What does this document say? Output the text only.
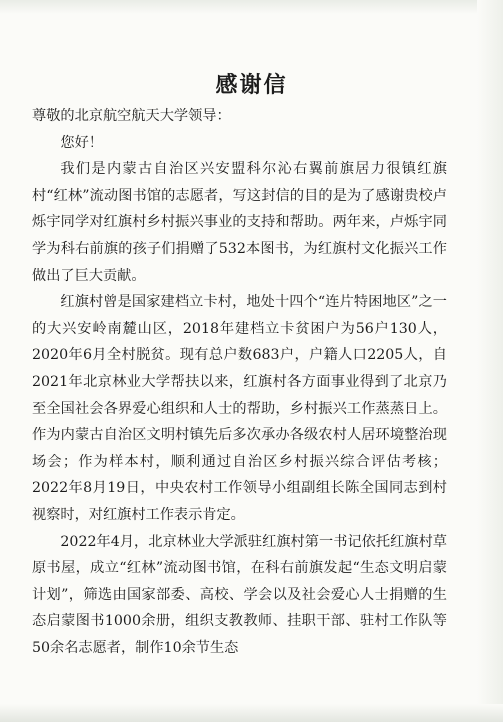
感谢信

尊敬的北京航空航天大学领导：

您好！

我们是内蒙古自治区兴安盟科尔沁右翼前旗居力很镇红旗村“红林”流动图书馆的志愿者，写这封信的目的是为了感谢贵校卢烁宇同学对红旗村乡村振兴事业的支持和帮助。两年来，卢烁宇同学为科右前旗的孩子们捐赠了532本图书，为红旗村文化振兴工作做出了巨大贡献。

红旗村曾是国家建档立卡村，地处十四个“连片特困地区”之一的大兴安岭南麓山区，2018年建档立卡贫困户为56户130人，2020年6月全村脱贫。现有总户数683户，户籍人口2205人，自2021年北京林业大学帮扶以来，红旗村各方面事业得到了北京乃至全国社会各界爱心组织和人士的帮助，乡村振兴工作蒸蒸日上。作为内蒙古自治区文明村镇先后多次承办各级农村人居环境整治现场会；作为样本村，顺利通过自治区乡村振兴综合评估考核；2022年8月19日，中央农村工作领导小组副组长陈全国同志到村视察时，对红旗村工作表示肯定。

2022年4月，北京林业大学派驻红旗村第一书记依托红旗村草原书屋，成立“红林”流动图书馆，在科右前旗发起“生态文明启蒙计划”，筛选由国家部委、高校、学会以及社会爱心人士捐赠的生态启蒙图书1000余册，组织支教教师、挂职干部、驻村工作队等50余名志愿者，制作10余节生态
